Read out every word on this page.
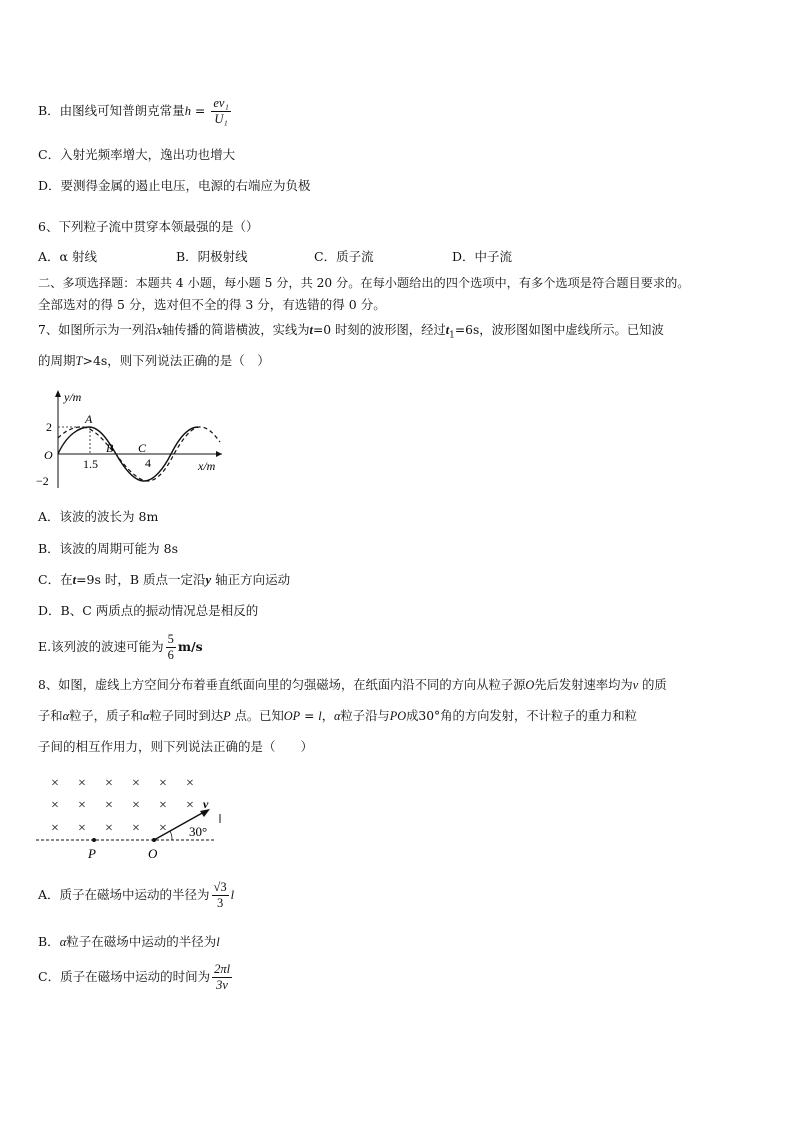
B．由图线可知普朗克常量$h = \frac{\text{eν₁}}{\text{U₁}}$
C．入射光频率增大，逸出功也增大
D．要测得金属的遏止电压，电源的右端应为负极
6、下列粒子流中贯穿本领最强的是（）
A．α 射线	B．阴极射线	C．质子流	D．中子流
二、多项选择题：本题共 4 小题，每小题 5 分，共 20 分。在每小题给出的四个选项中，有多个选项是符合题目要求的。
全部选对的得 5 分，选对但不全的得 3 分，有选错的得 0 分。
7、如图所示为一列沿x轴传播的简谐横波，实线为t=0 时刻的波形图，经过$t_1=6s$，波形图如图中虚线所示。已知波
的周期T>4s，则下列说法正确的是（　）
y/m
x/m
O
2
−2
1.5	4
A
B C
A．该波的波长为 8m
B．该波的周期可能为 8s
C．在t=9s 时，B 质点一定沿y 轴正方向运动
D．B、C 两质点的振动情况总是相反的
E.该列波的波速可能为 $\frac{5}{6} m/s$
8、如图，虚线上方空间分布着垂直纸面向里的匀强磁场，在纸面内沿不同的方向从粒子源O先后发射速率均为v 的质
子和α粒子，质子和α粒子同时到达P 点。已知OP = l，α粒子沿与PO成30°角的方向发射，不计粒子的重力和粒
子间的相互作用力，则下列说法正确的是（　　）
× × × × × ×
× × × × × ×
× × × × ×
v
30°
P	O
A．质子在磁场中运动的半径为 $\frac{√3}{3}$ l
B．α粒子在磁场中运动的半径为l
C．质子在磁场中运动的时间为 $\frac{2\pi l}{3v}$
